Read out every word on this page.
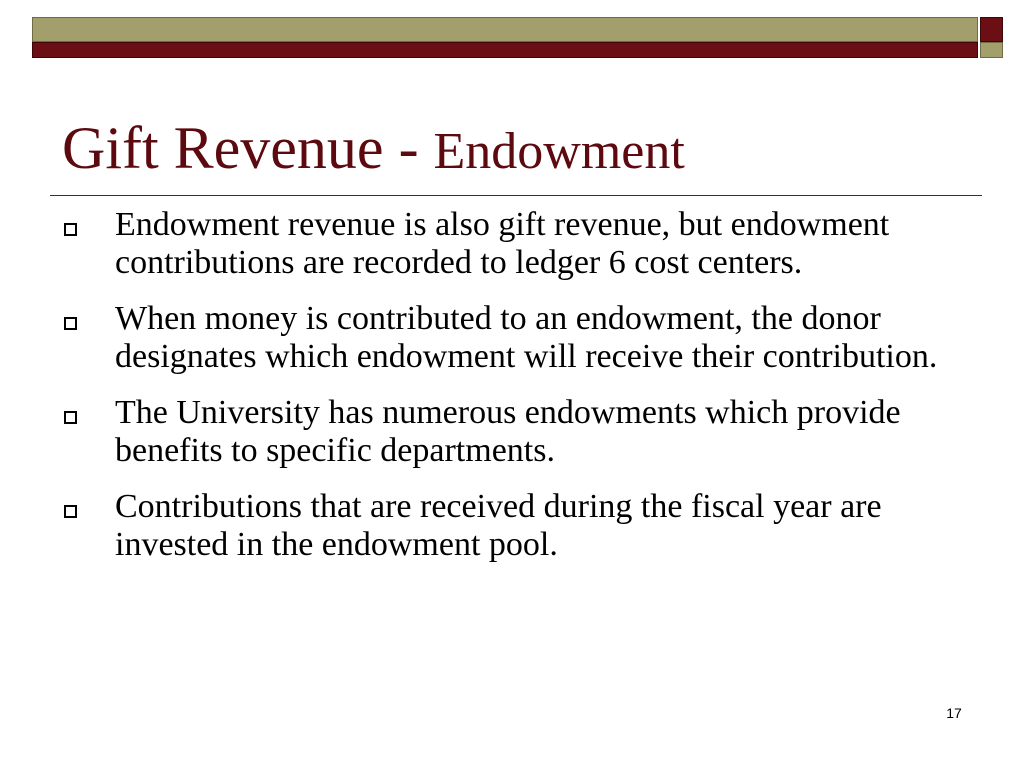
Gift Revenue - Endowment
Endowment revenue is also gift revenue, but endowment contributions are recorded to ledger 6 cost centers.
When money is contributed to an endowment, the donor designates which endowment will receive their contribution.
The University has numerous endowments which provide benefits to specific departments.
Contributions that are received during the fiscal year are invested in the endowment pool.
17
